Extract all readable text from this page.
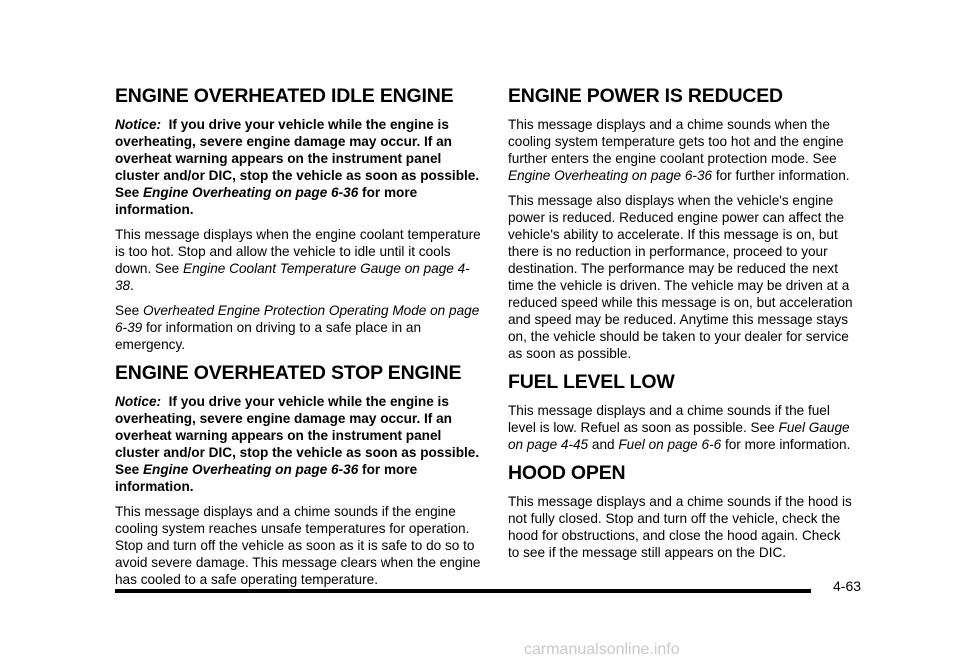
ENGINE OVERHEATED IDLE ENGINE

Notice: If you drive your vehicle while the engine is overheating, severe engine damage may occur. If an overheat warning appears on the instrument panel cluster and/or DIC, stop the vehicle as soon as possible. See Engine Overheating on page 6-36 for more information.

This message displays when the engine coolant temperature is too hot. Stop and allow the vehicle to idle until it cools down. See Engine Coolant Temperature Gauge on page 4-38.

See Overheated Engine Protection Operating Mode on page 6-39 for information on driving to a safe place in an emergency.

ENGINE OVERHEATED STOP ENGINE

Notice: If you drive your vehicle while the engine is overheating, severe engine damage may occur. If an overheat warning appears on the instrument panel cluster and/or DIC, stop the vehicle as soon as possible. See Engine Overheating on page 6-36 for more information.

This message displays and a chime sounds if the engine cooling system reaches unsafe temperatures for operation. Stop and turn off the vehicle as soon as it is safe to do so to avoid severe damage. This message clears when the engine has cooled to a safe operating temperature.

ENGINE POWER IS REDUCED

This message displays and a chime sounds when the cooling system temperature gets too hot and the engine further enters the engine coolant protection mode. See Engine Overheating on page 6-36 for further information.

This message also displays when the vehicle's engine power is reduced. Reduced engine power can affect the vehicle's ability to accelerate. If this message is on, but there is no reduction in performance, proceed to your destination. The performance may be reduced the next time the vehicle is driven. The vehicle may be driven at a reduced speed while this message is on, but acceleration and speed may be reduced. Anytime this message stays on, the vehicle should be taken to your dealer for service as soon as possible.

FUEL LEVEL LOW

This message displays and a chime sounds if the fuel level is low. Refuel as soon as possible. See Fuel Gauge on page 4-45 and Fuel on page 6-6 for more information.

HOOD OPEN

This message displays and a chime sounds if the hood is not fully closed. Stop and turn off the vehicle, check the hood for obstructions, and close the hood again. Check to see if the message still appears on the DIC.

4-63
carmanualsonline.info
